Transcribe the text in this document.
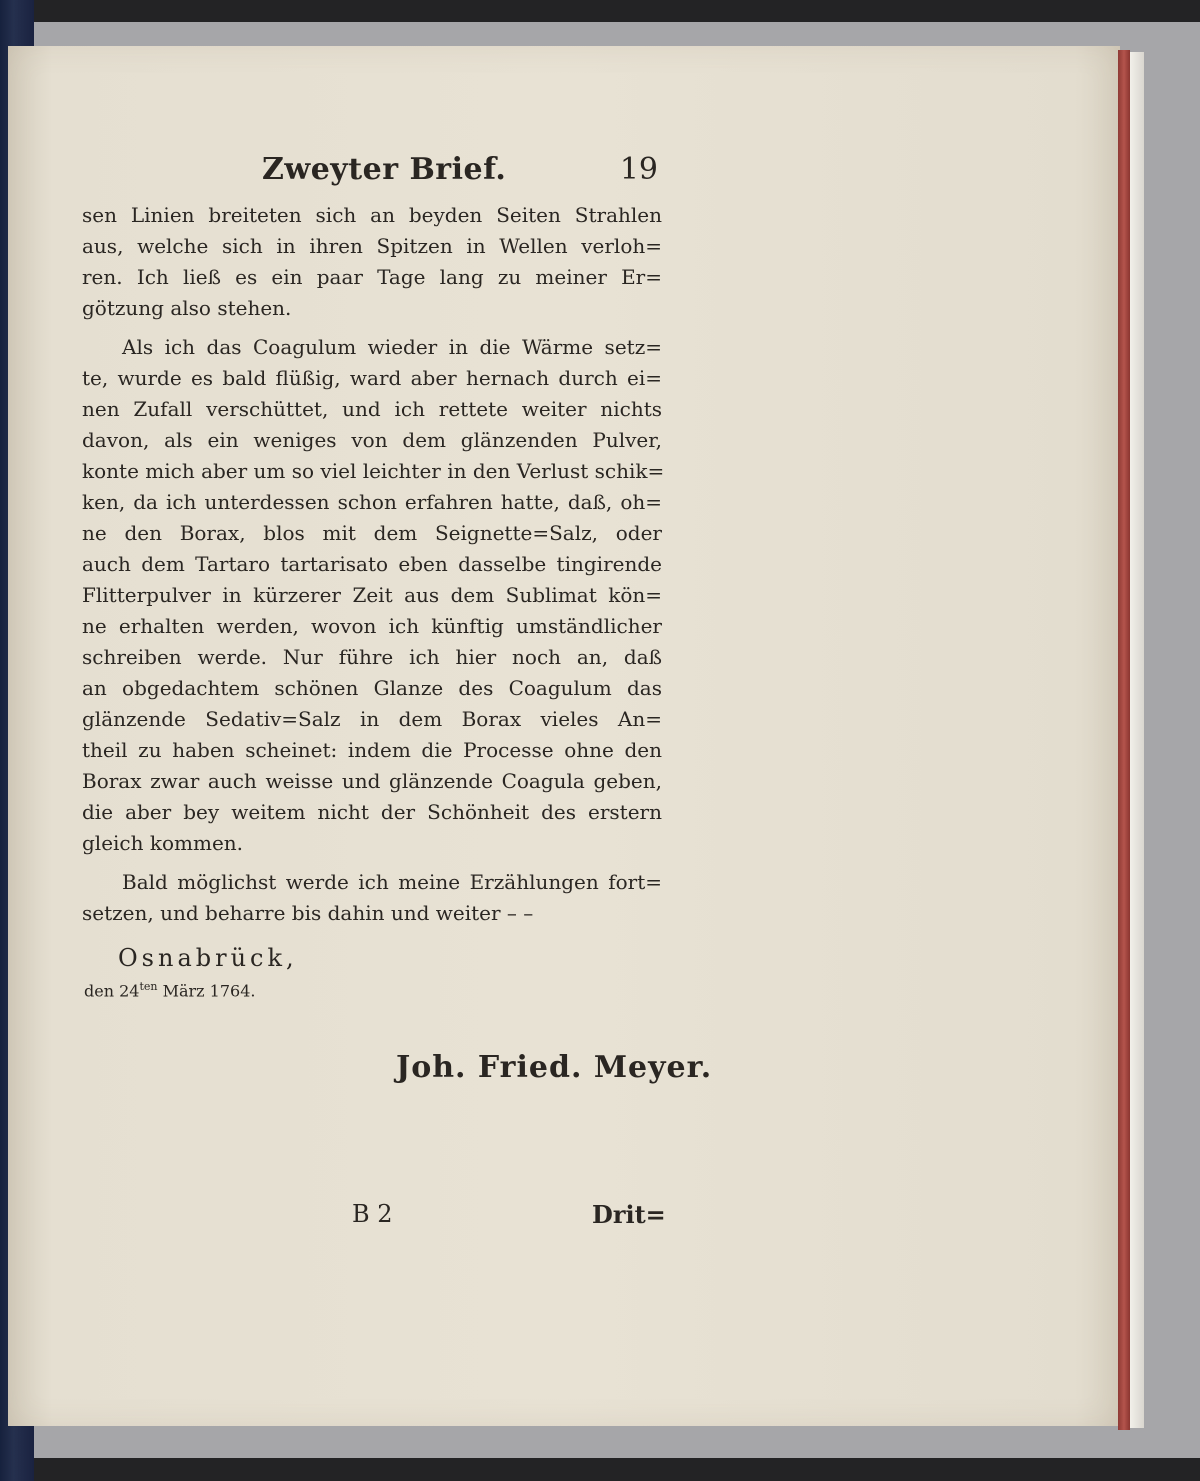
Zweyter Brief.	19
sen Linien breiteten sich an beyden Seiten Strahlen
aus, welche sich in ihren Spitzen in Wellen verloh=
ren. Ich ließ es ein paar Tage lang zu meiner Er=
götzung also stehen.
Als ich das Coagulum wieder in die Wärme setz=
te, wurde es bald flüßig, ward aber hernach durch ei=
nen Zufall verschüttet, und ich rettete weiter nichts
davon, als ein weniges von dem glänzenden Pulver,
konte mich aber um so viel leichter in den Verlust schik=
ken, da ich unterdessen schon erfahren hatte, daß, oh=
ne den Borax, blos mit dem Seignette=Salz, oder
auch dem Tartaro tartarisato eben dasselbe tingirende
Flitterpulver in kürzerer Zeit aus dem Sublimat kön=
ne erhalten werden, wovon ich künftig umständlicher
schreiben werde. Nur führe ich hier noch an, daß
an obgedachtem schönen Glanze des Coagulum das
glänzende Sedativ=Salz in dem Borax vieles An=
theil zu haben scheinet: indem die Processe ohne den
Borax zwar auch weisse und glänzende Coagula geben,
die aber bey weitem nicht der Schönheit des erstern
gleich kommen.
Bald möglichst werde ich meine Erzählungen fort=
setzen, und beharre bis dahin und weiter – –
Osnabrück,
den $24^{ten}$ März 1764.
Joh. Fried. Meyer.
B 2	Drit=
